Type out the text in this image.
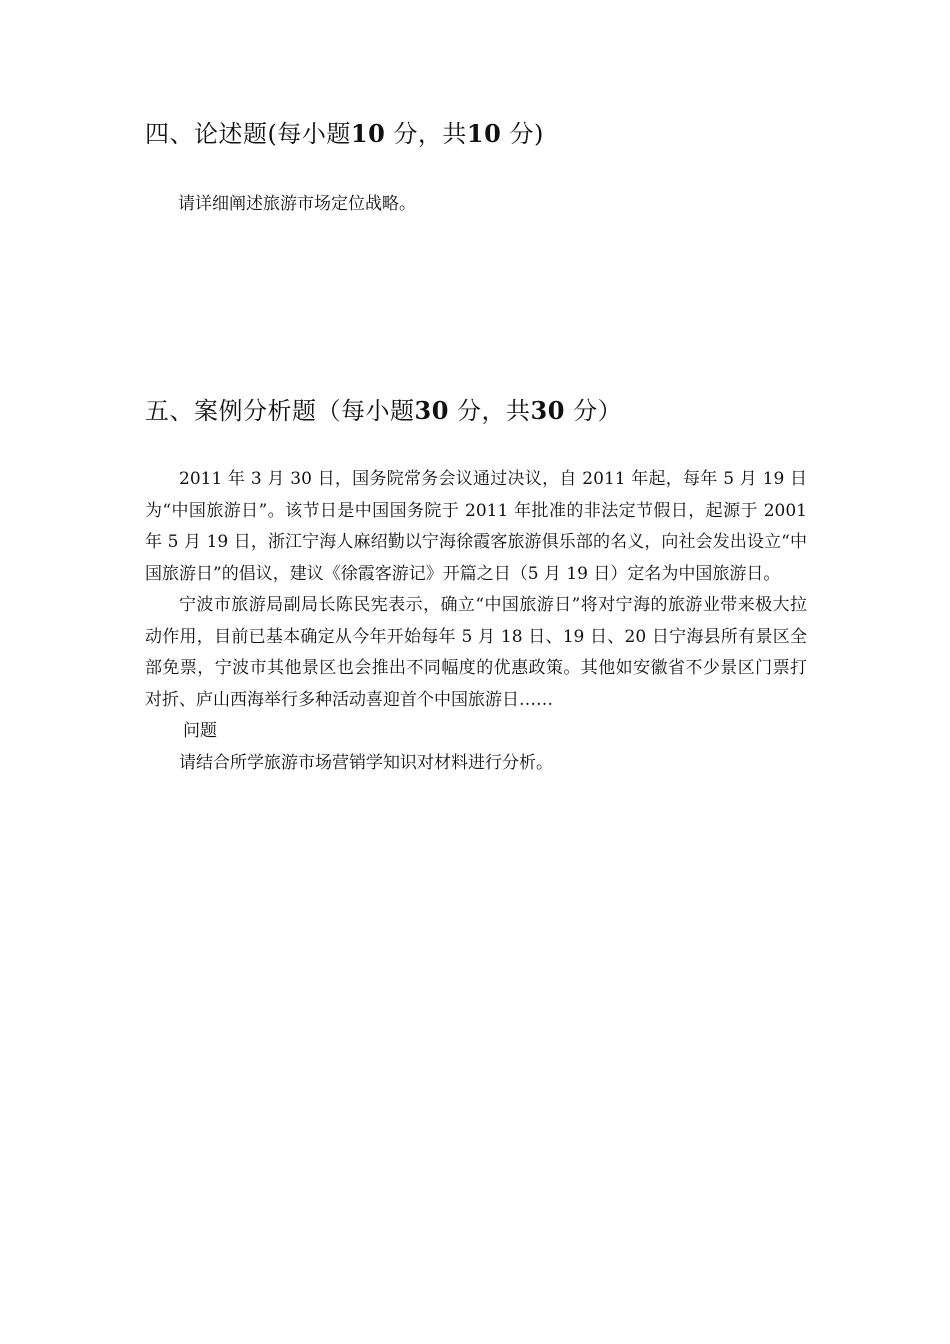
四、论述题(每小题10 分，共10 分)
请详细阐述旅游市场定位战略。
五、案例分析题（每小题30 分，共30 分）

2011 年 3 月 30 日，国务院常务会议通过决议，自 2011 年起，每年 5 月 19 日为“中国旅游日”。该节日是中国国务院于 2011 年批准的非法定节假日，起源于 2001 年 5 月 19 日，浙江宁海人麻绍勤以宁海徐霞客旅游俱乐部的名义，向社会发出设立“中国旅游日”的倡议，建议《徐霞客游记》开篇之日（5 月 19 日）定名为中国旅游日。

宁波市旅游局副局长陈民宪表示，确立“中国旅游日”将对宁海的旅游业带来极大拉动作用，目前已基本确定从今年开始每年 5 月 18 日、19 日、20 日宁海县所有景区全部免票，宁波市其他景区也会推出不同幅度的优惠政策。其他如安徽省不少景区门票打对折、庐山西海举行多种活动喜迎首个中国旅游日……

问题

请结合所学旅游市场营销学知识对材料进行分析。
